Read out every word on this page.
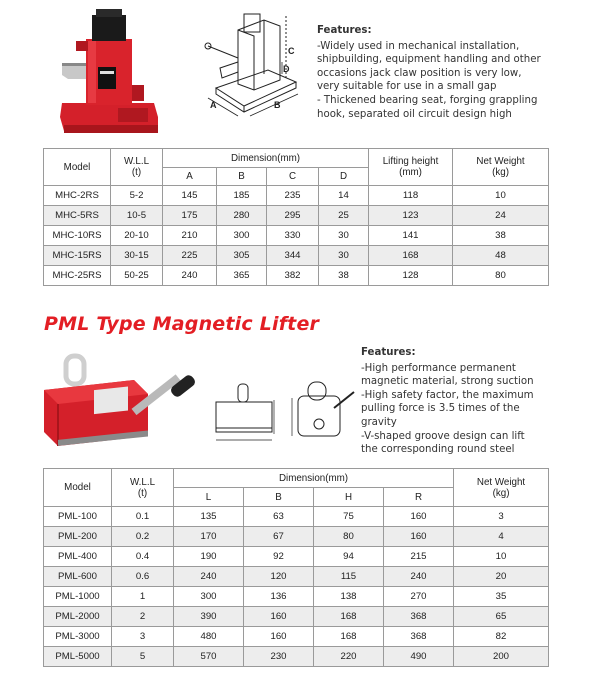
A	B
C
D
Features:
-Widely used in mechanical installation,
shipbuilding, equipment handling and other
occasions jack claw position is very low,
very suitable for use in a small gap
- Thickened bearing seat, forging grappling
hook, separated oil circuit design high
Model	W.L.L
(t)	Dimension(mm)				Lifting height
(mm)	Net Weight
(kg)
		A	B	C	D		
MHC-2RS	5-2	145	185	235	14	118	10
MHC-5RS	10-5	175	280	295	25	123	24
MHC-10RS	20-10	210	300	330	30	141	38
MHC-15RS	30-15	225	305	344	30	168	48
MHC-25RS	50-25	240	365	382	38	128	80
PML Type Magnetic Lifter
Features:
-High performance permanent
magnetic material, strong suction
-High safety factor, the maximum
pulling force is 3.5 times of the
gravity
-V-shaped groove design can lift
the corresponding round steel
Model	W.L.L
(t)	Dimension(mm)				Net Weight
(kg)
		L	B	H	R	
PML-100	0.1	135	63	75	160	3
PML-200	0.2	170	67	80	160	4
PML-400	0.4	190	92	94	215	10
PML-600	0.6	240	120	115	240	20
PML-1000	1	300	136	138	270	35
PML-2000	2	390	160	168	368	65
PML-3000	3	480	160	168	368	82
PML-5000	5	570	230	220	490	200
